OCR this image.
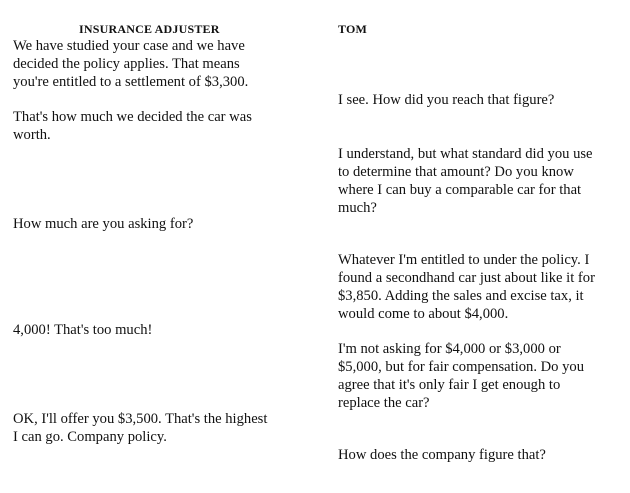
INSURANCE ADJUSTER	TOM
We have studied your case and we have
decided the policy applies. That means
you're entitled to a settlement of $3,300.
That's how much we decided the car was
worth.
How much are you asking for?
4,000! That's too much!
OK, I'll offer you $3,500. That's the highest
I can go. Company policy.
I see. How did you reach that figure?
I understand, but what standard did you use
to determine that amount? Do you know
where I can buy a comparable car for that
much?
Whatever I'm entitled to under the policy. I
found a secondhand car just about like it for
$3,850. Adding the sales and excise tax, it
would come to about $4,000.
I'm not asking for $4,000 or $3,000 or
$5,000, but for fair compensation. Do you
agree that it's only fair I get enough to
replace the car?
How does the company figure that?
